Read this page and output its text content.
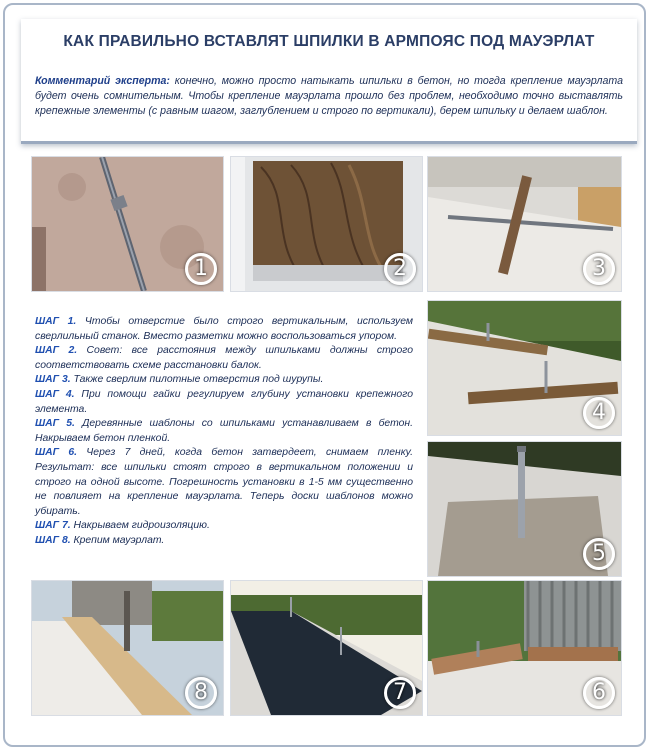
КАК ПРАВИЛЬНО ВСТАВЛЯТ ШПИЛКИ В АРМПОЯС ПОД МАУЭРЛАТ
Комментарий эксперта: конечно, можно просто натыкать шпильки в бетон, но тогда крепление мауэрлата будет очень сомнительным. Чтобы крепление мауэрлата прошло без проблем, необходимо точно выставлять крепежные элементы (с равным шагом, заглублением и строго по вертикали), берем шпильку и делаем шаблон.
1	2	3
4
5
6
7
8

ШАГ 1. Чтобы отверстие было строго вертикальным, используем сверлильный станок. Вместо разметки можно воспользоваться упором.

ШАГ 2. Совет: все расстояния между шпильками должны строго соответствовать схеме расстановки балок.

ШАГ 3. Также сверлим пилотные отверстия под шурупы.

ШАГ 4. При помощи гайки регулируем глубину установки крепежного элемента.

ШАГ 5. Деревянные шаблоны со шпильками устанавливаем в бетон. Накрываем бетон пленкой.

ШАГ 6. Через 7 дней, когда бетон затвердеет, снимаем пленку. Результат: все шпильки стоят строго в вертикальном положении и строго на одной высоте. Погрешность установки в 1-5 мм существенно не повлияет на крепление мауэрлата. Теперь доски шаблонов можно убирать.

ШАГ 7. Накрываем гидроизоляцию.

ШАГ 8. Крепим мауэрлат.
